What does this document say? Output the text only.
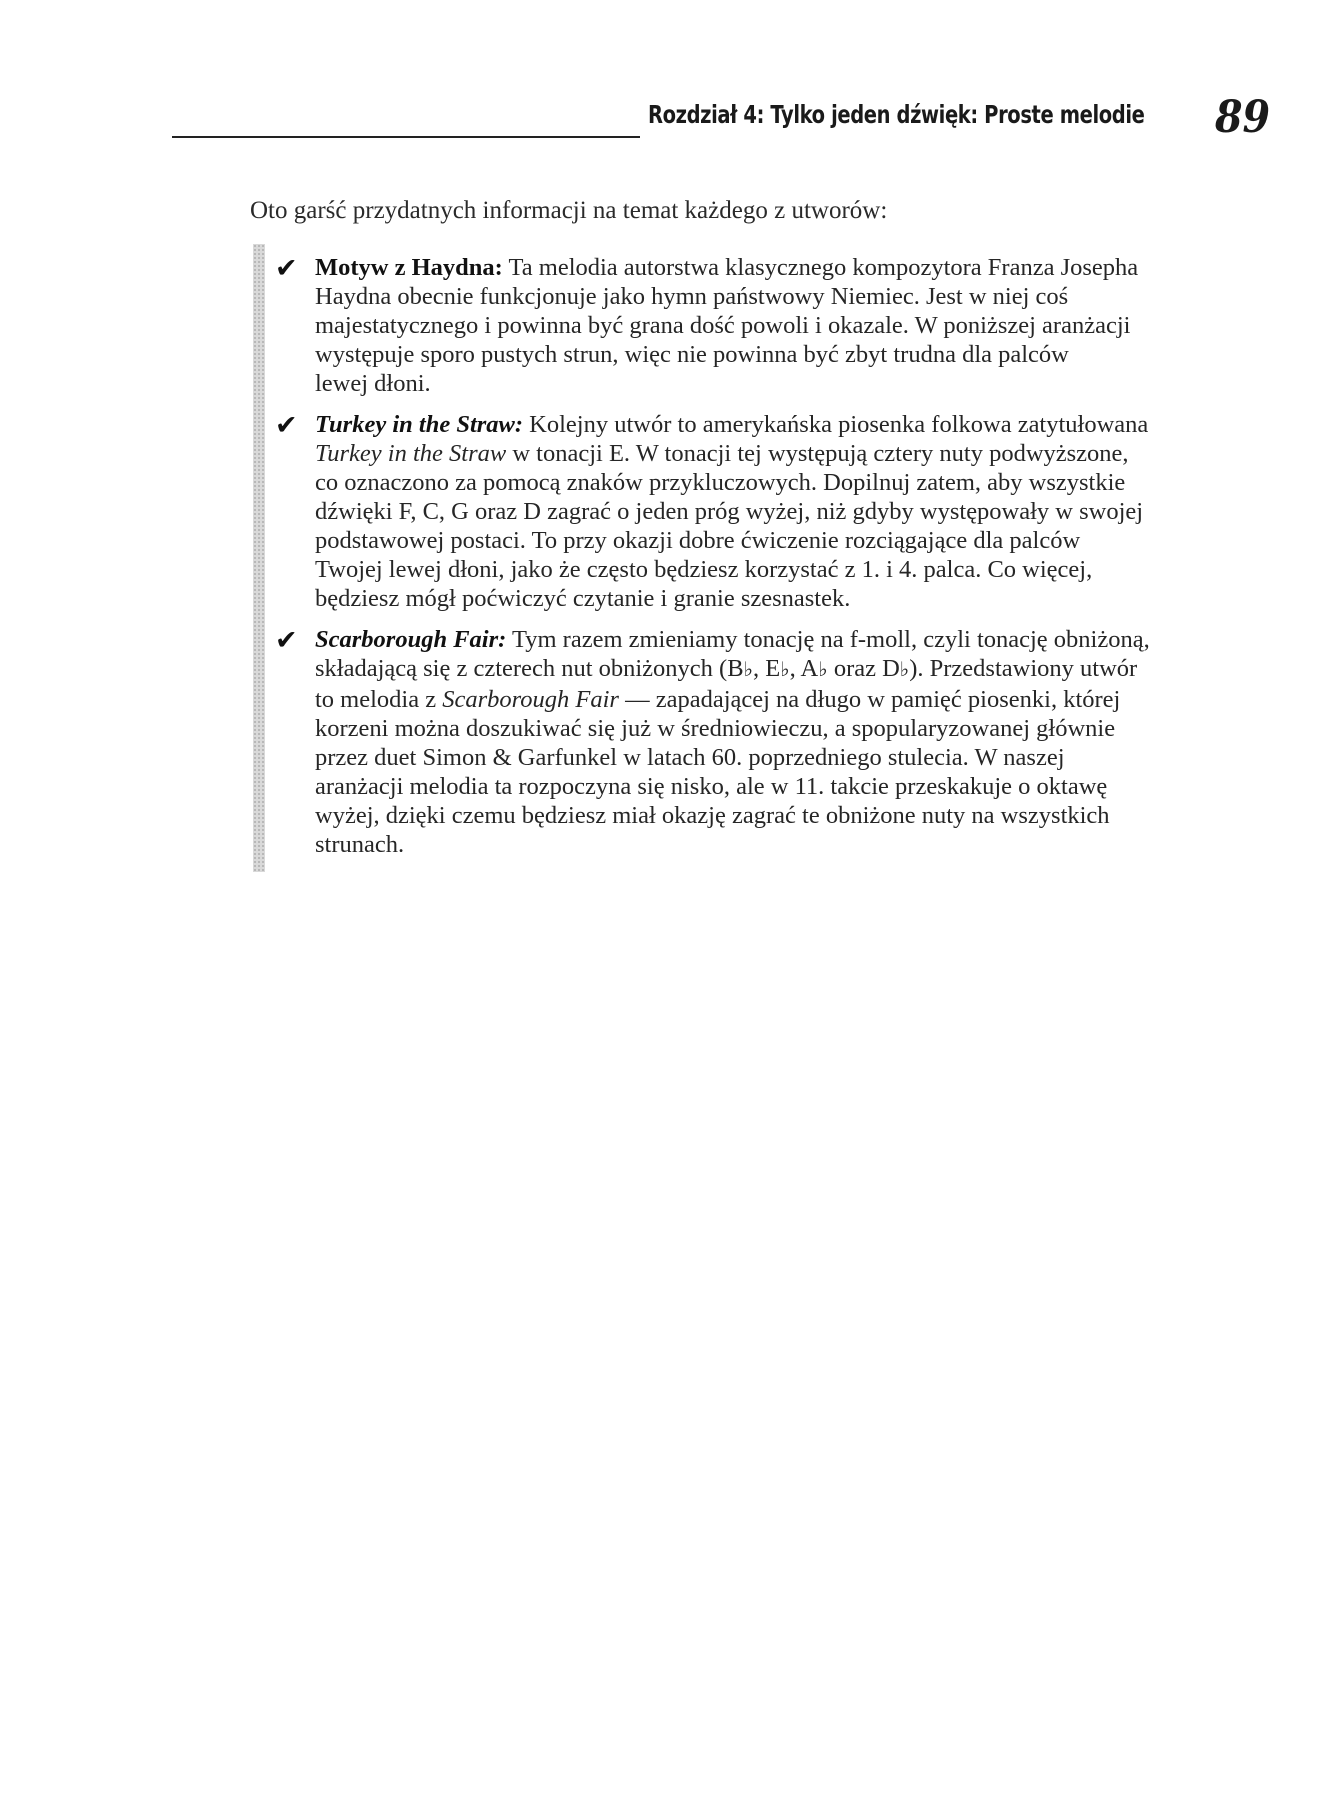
Rozdział 4: Tylko jeden dźwięk: Proste melodie 89
Oto garść przydatnych informacji na temat każdego z utworów:
✔ Motyw z Haydna: Ta melodia autorstwa klasycznego kompozytora Franza Josepha
Haydna obecnie funkcjonuje jako hymn państwowy Niemiec. Jest w niej coś
majestatycznego i powinna być grana dość powoli i okazale. W poniższej aranżacji
występuje sporo pustych strun, więc nie powinna być zbyt trudna dla palców
lewej dłoni.
✔ Turkey in the Straw: Kolejny utwór to amerykańska piosenka folkowa zatytułowana
Turkey in the Straw w tonacji E. W tonacji tej występują cztery nuty podwyższone,
co oznaczono za pomocą znaków przykluczowych. Dopilnuj zatem, aby wszystkie
dźwięki F, C, G oraz D zagrać o jeden próg wyżej, niż gdyby występowały w swojej
podstawowej postaci. To przy okazji dobre ćwiczenie rozciągające dla palców
Twojej lewej dłoni, jako że często będziesz korzystać z 1. i 4. palca. Co więcej,
będziesz mógł poćwiczyć czytanie i granie szesnastek.
✔ Scarborough Fair: Tym razem zmieniamy tonację na f-moll, czyli tonację obniżoną,
składającą się z czterech nut obniżonych (B♭, E♭, A♭ oraz D♭). Przedstawiony utwór
to melodia z Scarborough Fair — zapadającej na długo w pamięć piosenki, której
korzeni można doszukiwać się już w średniowieczu, a spopularyzowanej głównie
przez duet Simon & Garfunkel w latach 60. poprzedniego stulecia. W naszej
aranżacji melodia ta rozpoczyna się nisko, ale w 11. takcie przeskakuje o oktawę
wyżej, dzięki czemu będziesz miał okazję zagrać te obniżone nuty na wszystkich
strunach.
